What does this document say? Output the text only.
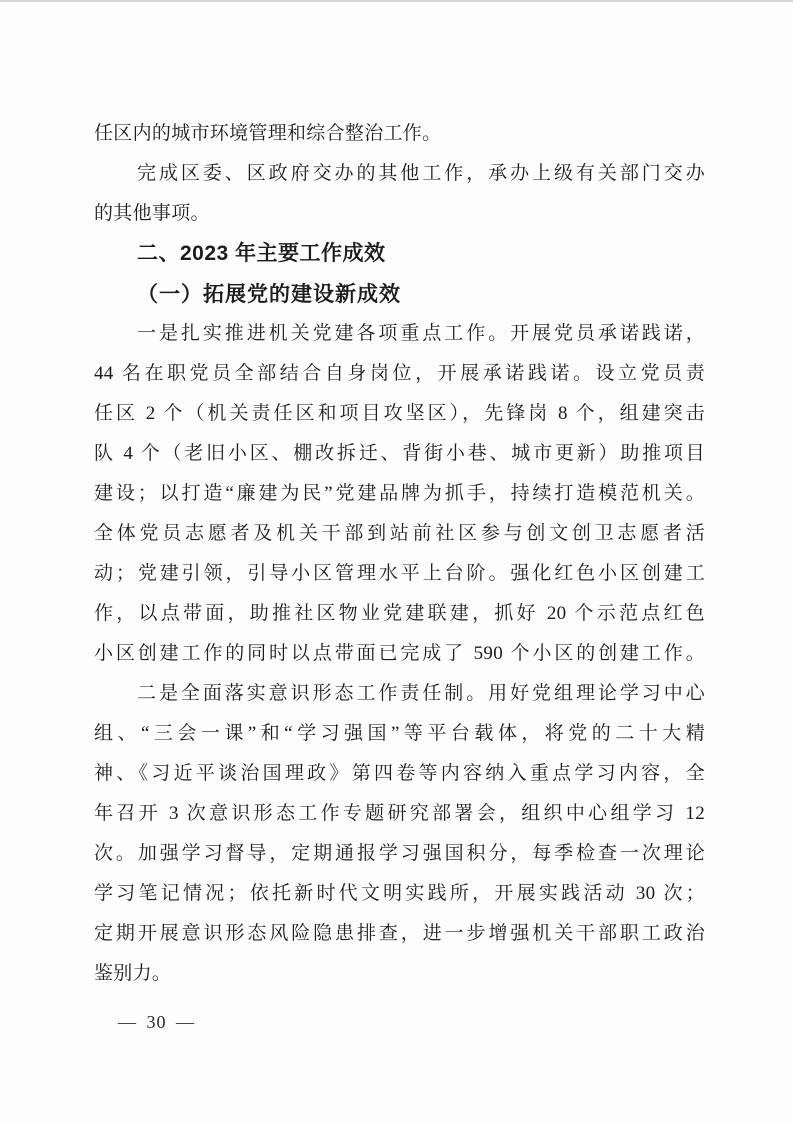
任区内的城市环境管理和综合整治工作。

完成区委、区政府交办的其他工作，承办上级有关部门交办

的其他事项。

二、2023 年主要工作成效
（一）拓展党的建设新成效

一是扎实推进机关党建各项重点工作。开展党员承诺践诺，

44 名在职党员全部结合自身岗位，开展承诺践诺。设立党员责

任区 2 个（机关责任区和项目攻坚区），先锋岗 8 个，组建突击

队 4 个（老旧小区、棚改拆迁、背街小巷、城市更新）助推项目

建设；以打造“廉建为民”党建品牌为抓手，持续打造模范机关。

全体党员志愿者及机关干部到站前社区参与创文创卫志愿者活

动；党建引领，引导小区管理水平上台阶。强化红色小区创建工

作，以点带面，助推社区物业党建联建，抓好 20 个示范点红色

小区创建工作的同时以点带面已完成了 590 个小区的创建工作。

二是全面落实意识形态工作责任制。用好党组理论学习中心

组、“三会一课”和“学习强国”等平台载体，将党的二十大精

神、《习近平谈治国理政》第四卷等内容纳入重点学习内容，全

年召开 3 次意识形态工作专题研究部署会，组织中心组学习 12

次。加强学习督导，定期通报学习强国积分，每季检查一次理论

学习笔记情况；依托新时代文明实践所，开展实践活动 30 次；

定期开展意识形态风险隐患排查，进一步增强机关干部职工政治

鉴别力。

— 30 —
